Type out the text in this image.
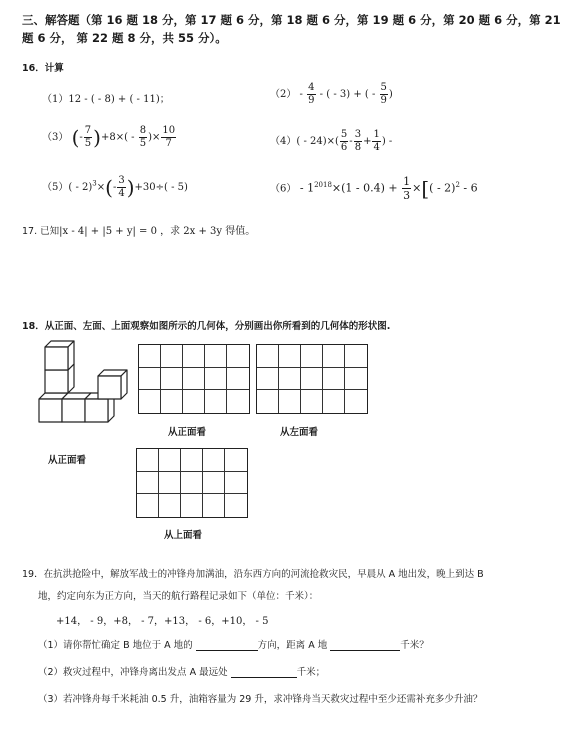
三、解答题（第 16 题 18 分，第 17 题 6 分，第 18 题 6 分，第 19 题 6 分，第 20 题 6 分，第 21
题 6 分， 第 22 题 8 分，共 55 分）。
16．计算
（1）12 - ( - 8) + ( - 11)；	$(2) - \frac{4}{9}$ - ( - 3) + ( - $\frac{5}{9}$ )
（3） (- $\frac{7}{5} )+8\times( - \frac{8}{5}$ )× $\frac{10}{7}$	$(4)( - 24)\times( \frac{5}{6} - \frac{3}{8} + \frac{1}{4}$ ) -
$(5)( - 2)^3\times(- \frac{3}{4} )+30\div( - 5)$	$(6) - 1^{2018}\times(1 - 0.4) + \frac{1}{3}$ ×[( - 2)$^2$ - 6
17. 已知|x - 4| + |5 + y| = 0 ，求 2x + 3y 得值。
18．从正面、左面、上面观察如图所示的几何体，分别画出你所看到的几何体的形状图.
从正面看
从正面看	从左面看
从上面看
19．在抗洪抢险中，解放军战士的冲锋舟加满油，沿东西方向的河流抢救灾民，早晨从 A 地出发，晚上到达 B
地，约定向东为正方向，当天的航行路程记录如下（单位：千米）：
+14， - 9，+8， - 7，+13， - 6，+10， - 5
（1）请你帮忙确定 B 地位于 A 地的	方向，距离 A 地	千米？
（2）救灾过程中，冲锋舟离出发点 A 最远处	千米；
（3）若冲锋舟每千米耗油 0.5 升，油箱容量为 29 升，求冲锋舟当天救灾过程中至少还需补充多少升油？
